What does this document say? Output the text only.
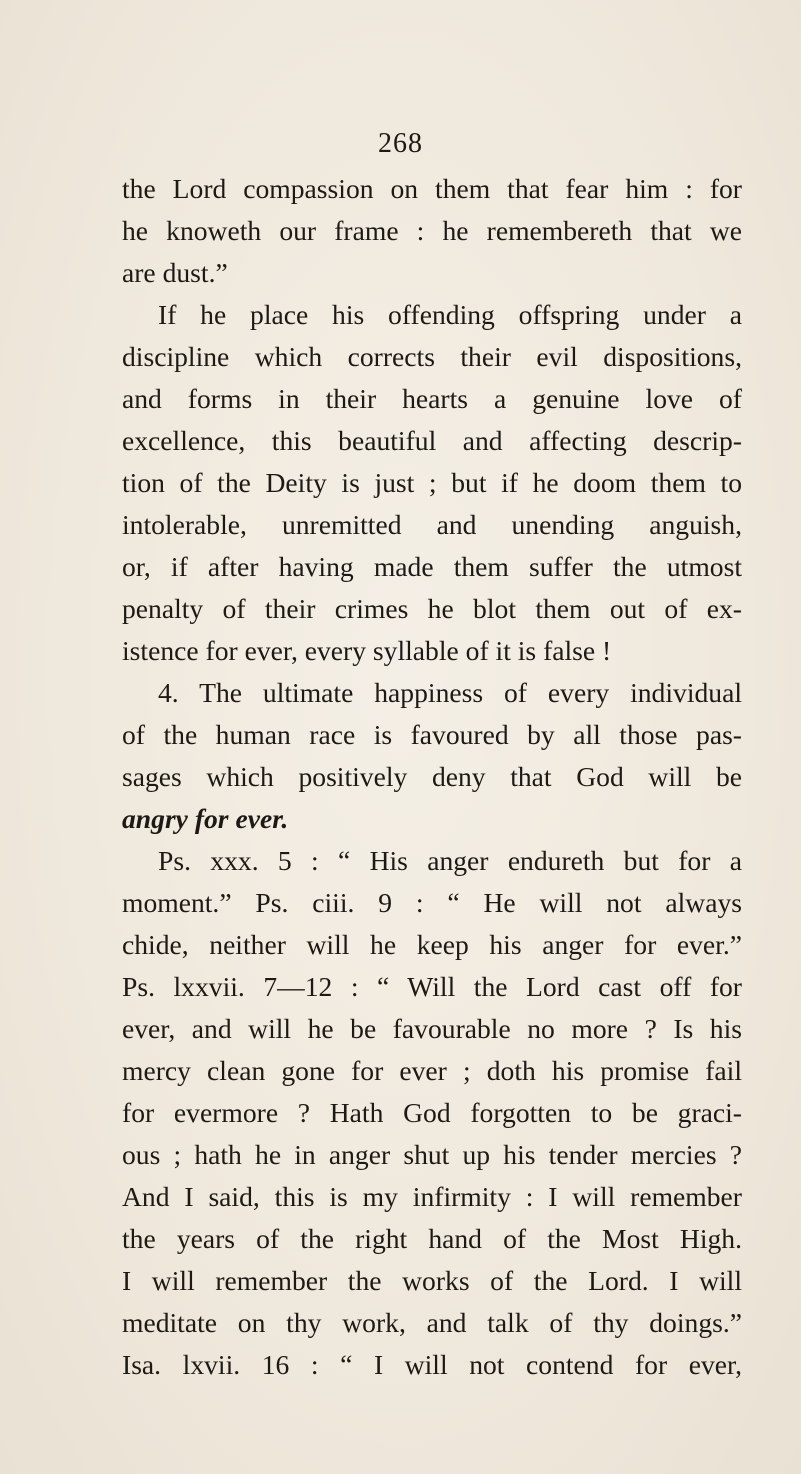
268
the Lord compassion on them that fear him : for
he knoweth our frame : he remembereth that we
are dust.”
If he place his offending offspring under a
discipline which corrects their evil dispositions,
and forms in their hearts a genuine love of
excellence, this beautiful and affecting descrip-
tion of the Deity is just ; but if he doom them to
intolerable, unremitted and unending anguish,
or, if after having made them suffer the utmost
penalty of their crimes he blot them out of ex-
istence for ever, every syllable of it is false !
4. The ultimate happiness of every individual
of the human race is favoured by all those pas-
sages which positively deny that God will be
angry for ever.
Ps. xxx. 5 : “ His anger endureth but for a
moment.” Ps. ciii. 9 : “ He will not always
chide, neither will he keep his anger for ever.”
Ps. lxxvii. 7—12 : “ Will the Lord cast off for
ever, and will he be favourable no more ? Is his
mercy clean gone for ever ; doth his promise fail
for evermore ? Hath God forgotten to be graci-
ous ; hath he in anger shut up his tender mercies ?
And I said, this is my infirmity : I will remember
the years of the right hand of the Most High.
I will remember the works of the Lord. I will
meditate on thy work, and talk of thy doings.”
Isa. lxvii. 16 : “ I will not contend for ever,
